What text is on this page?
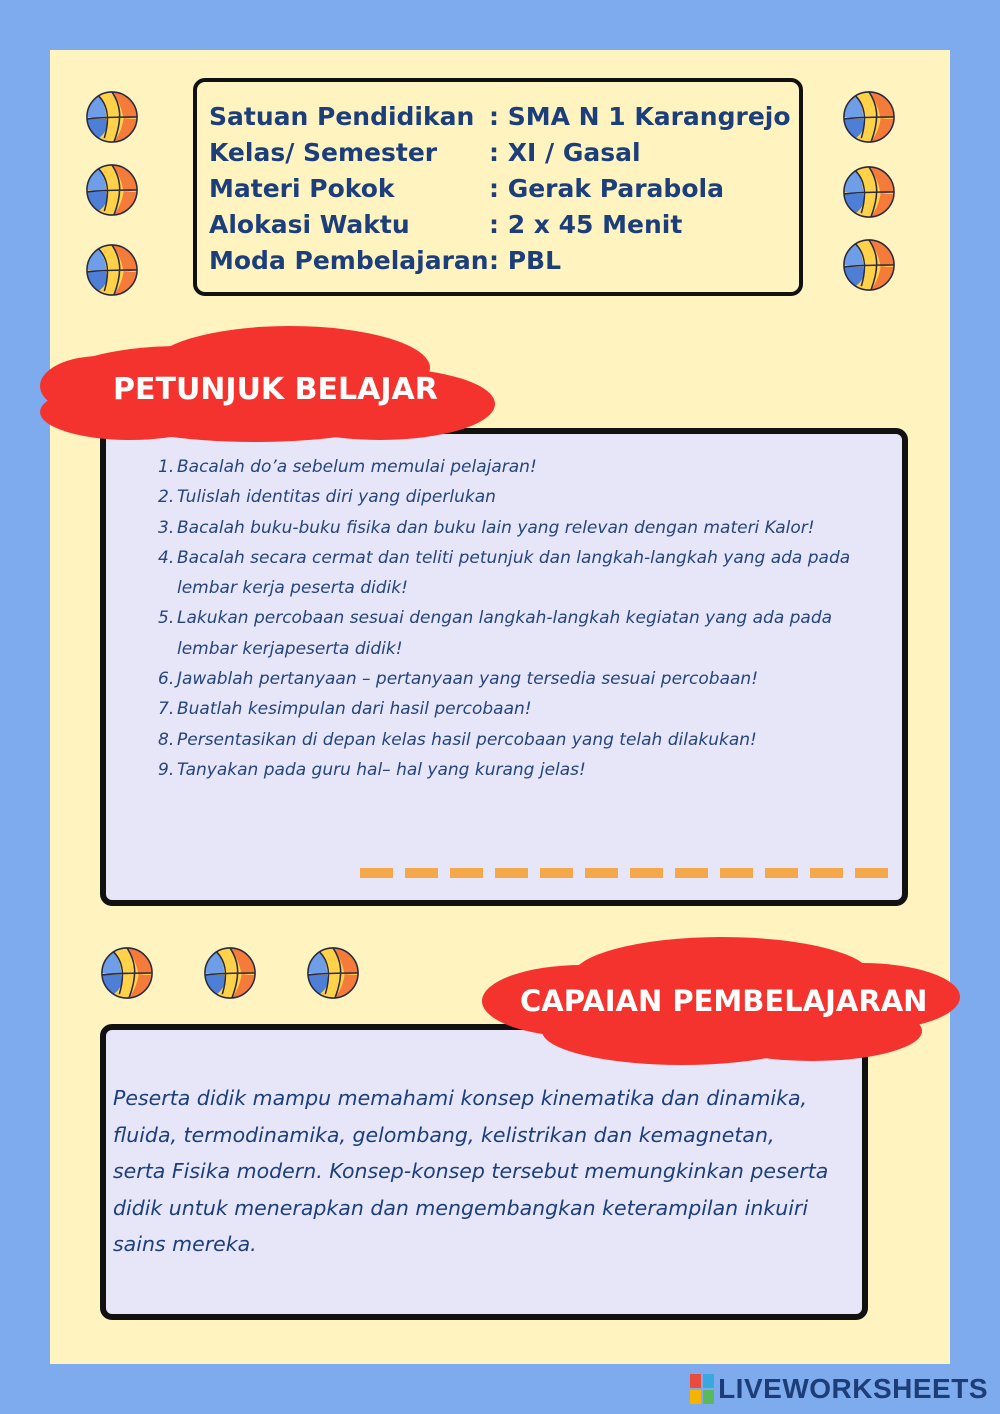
Satuan Pendidikan : SMA N 1 Karangrejo
Kelas/ Semester : XI / Gasal
Materi Pokok	: Gerak Parabola
Alokasi Waktu	: 2 x 45 Menit
Moda Pembelajaran: PBL
1. Bacalah do’a sebelum memulai pelajaran!
2. Tulislah identitas diri yang diperlukan
3. Bacalah buku-buku fisika dan buku lain yang relevan dengan materi Kalor!
4. Bacalah secara cermat dan teliti petunjuk dan langkah-langkah yang ada pada lembar kerja peserta didik!
5. Lakukan percobaan sesuai dengan langkah-langkah kegiatan yang ada pada lembar kerjapeserta didik!
6. Jawablah pertanyaan – pertanyaan yang tersedia sesuai percobaan!
7. Buatlah kesimpulan dari hasil percobaan!
8. Persentasikan di depan kelas hasil percobaan yang telah dilakukan!
9. Tanyakan pada guru hal– hal yang kurang jelas!
PETUNJUK BELAJAR
Peserta didik mampu memahami konsep kinematika dan dinamika, fluida, termodinamika, gelombang, kelistrikan dan kemagnetan, serta Fisika modern. Konsep-konsep tersebut memungkinkan peserta didik untuk menerapkan dan mengembangkan keterampilan inkuiri sains mereka.
CAPAIAN PEMBELAJARAN
LIVEWORKSHEETS
